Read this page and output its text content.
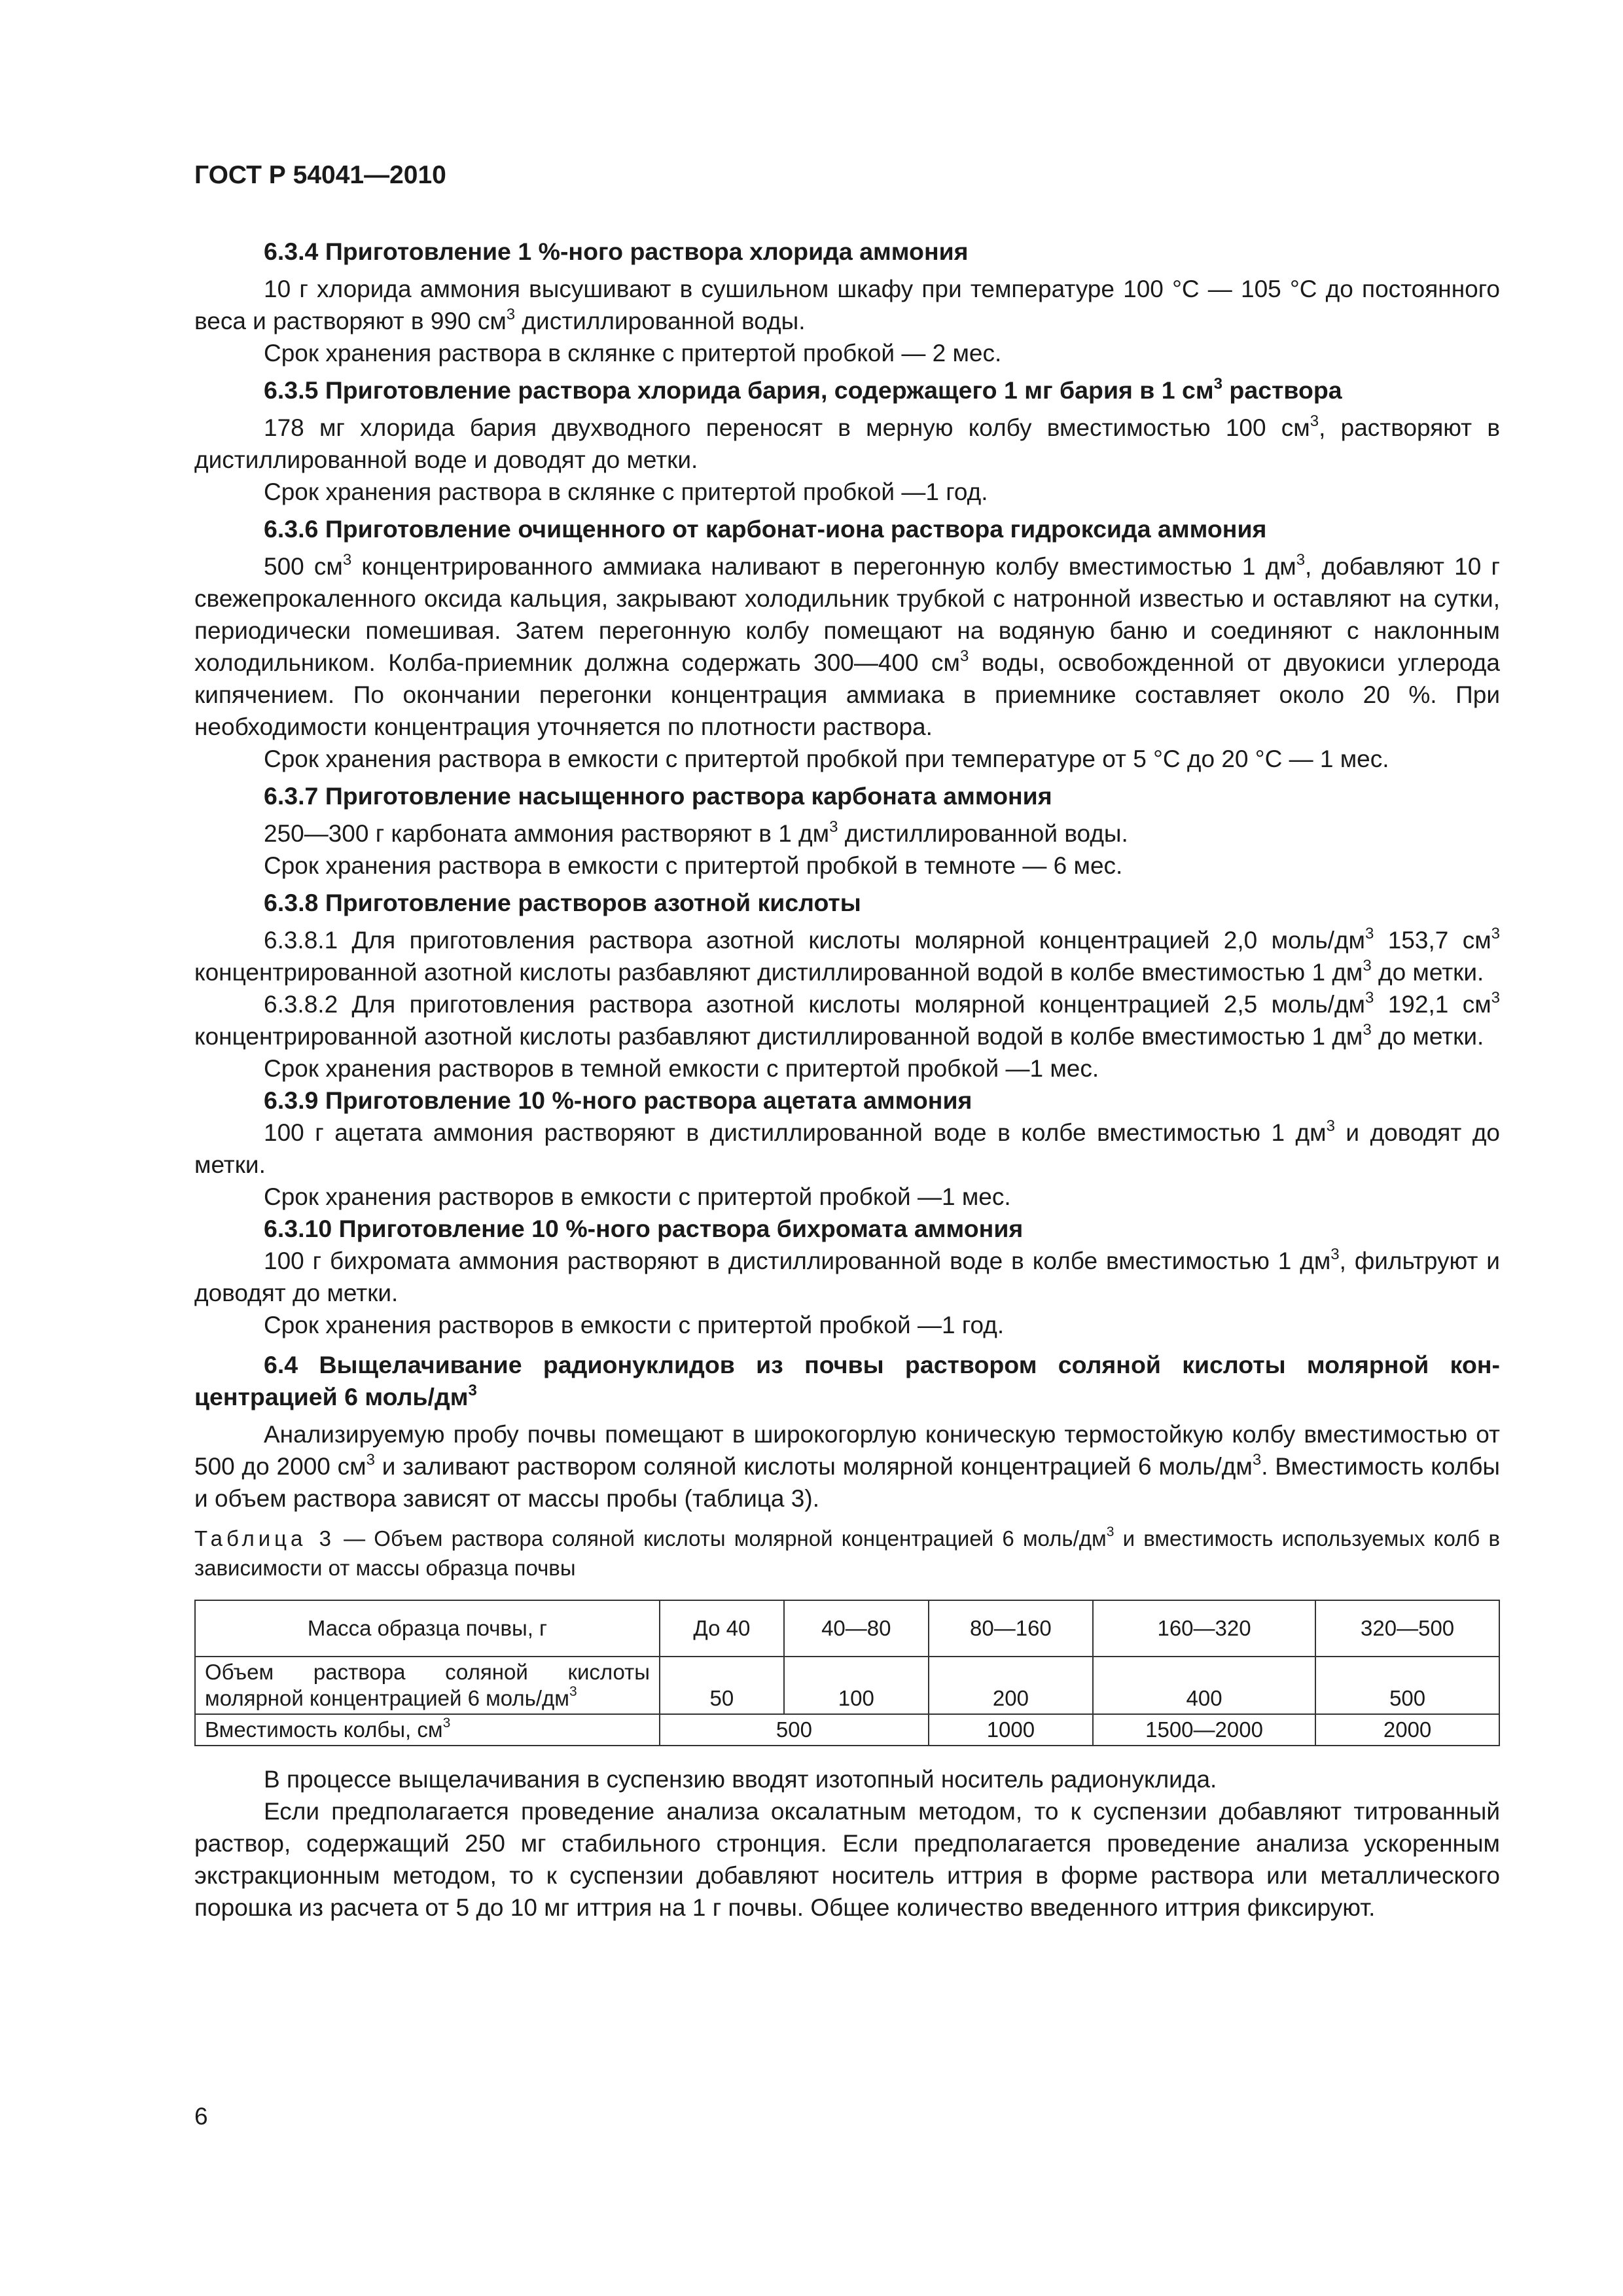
ГОСТ Р 54041—2010
6.3.4 Приготовление 1 %-ного раствора хлорида аммония

10 г хлорида аммония высушивают в сушильном шкафу при температуре 100 °С — 105 °С до постоянного веса и растворяют в 990 $см^3$ дистиллированной воды.

Срок хранения раствора в склянке с притертой пробкой — 2 мес.

6.3.5 Приготовление раствора хлорида бария, содержащего 1 мг бария в 1 $см^3$ раствора

178 мг хлорида бария двухводного переносят в мерную колбу вместимостью 100 $см^3$, растворяют в дистиллированной воде и доводят до метки.

Срок хранения раствора в склянке с притертой пробкой —1 год.

6.3.6 Приготовление очищенного от карбонат-иона раствора гидроксида аммония

500 $см^3$ концентрированного аммиака наливают в перегонную колбу вместимостью 1 $дм^3$, добавляют 10 г свежепрокаленного оксида кальция, закрывают холодильник трубкой с натронной известью и оставляют на сутки, периодически помешивая. Затем перегонную колбу помещают на водяную баню и соединяют с наклонным холодильником. Колба-приемник должна содержать 300—400 $см^3$ воды, освобожденной от двуокиси углерода кипячением. По окончании перегонки концентрация аммиака в приемнике составляет около 20 %. При необходимости концентрация уточняется по плотности раствора.

Срок хранения раствора в емкости с притертой пробкой при температуре от 5 °С до 20 °С — 1 мес.

6.3.7 Приготовление насыщенного раствора карбоната аммония

250—300 г карбоната аммония растворяют в 1 $дм^3$ дистиллированной воды.

Срок хранения раствора в емкости с притертой пробкой в темноте — 6 мес.

6.3.8 Приготовление растворов азотной кислоты

6.3.8.1 Для приготовления раствора азотной кислоты молярной концентрацией 2,0 моль/$дм^3$ 153,7 $см^3$ концентрированной азотной кислоты разбавляют дистиллированной водой в колбе вместимостью 1 $дм^3$ до метки.

6.3.8.2 Для приготовления раствора азотной кислоты молярной концентрацией 2,5 моль/$дм^3$ 192,1 $см^3$ концентрированной азотной кислоты разбавляют дистиллированной водой в колбе вместимостью 1 $дм^3$ до метки.

Срок хранения растворов в темной емкости с притертой пробкой —1 мес.

6.3.9 Приготовление 10 %-ного раствора ацетата аммония

100 г ацетата аммония растворяют в дистиллированной воде в колбе вместимостью 1 $дм^3$ и доводят до метки.

Срок хранения растворов в емкости с притертой пробкой —1 мес.

6.3.10 Приготовление 10 %-ного раствора бихромата аммония

100 г бихромата аммония растворяют в дистиллированной воде в колбе вместимостью 1 $дм^3$, фильтруют и доводят до метки.

Срок хранения растворов в емкости с притертой пробкой —1 год.

6.4 Выщелачивание радионуклидов из почвы раствором соляной кислоты молярной концентрацией 6 моль/$дм^3$

Анализируемую пробу почвы помещают в широкогорлую коническую термостойкую колбу вместимостью от 500 до 2000 $см^3$ и заливают раствором соляной кислоты молярной концентрацией 6 моль/$дм^3$. Вместимость колбы и объем раствора зависят от массы пробы (таблица 3).

Таблица 3 — Объем раствора соляной кислоты молярной концентрацией 6 моль/$дм^3$ и вместимость используемых колб в зависимости от массы образца почвы

Масса образца почвы, г	До 40	40—80	80—160	160—320	320—500

Объем раствора соляной кислоты
молярной концентрацией 6 моль/$дм^3$	50	100	200	400	500
Вместимость колбы, $см^3$	500		1000	1500—2000	2000

В процессе выщелачивания в суспензию вводят изотопный носитель радионуклида.

Если предполагается проведение анализа оксалатным методом, то к суспензии добавляют титрованный раствор, содержащий 250 мг стабильного стронция. Если предполагается проведение анализа ускоренным экстракционным методом, то к суспензии добавляют носитель иттрия в форме раствора или металлического порошка из расчета от 5 до 10 мг иттрия на 1 г почвы. Общее количество введенного иттрия фиксируют.

6
